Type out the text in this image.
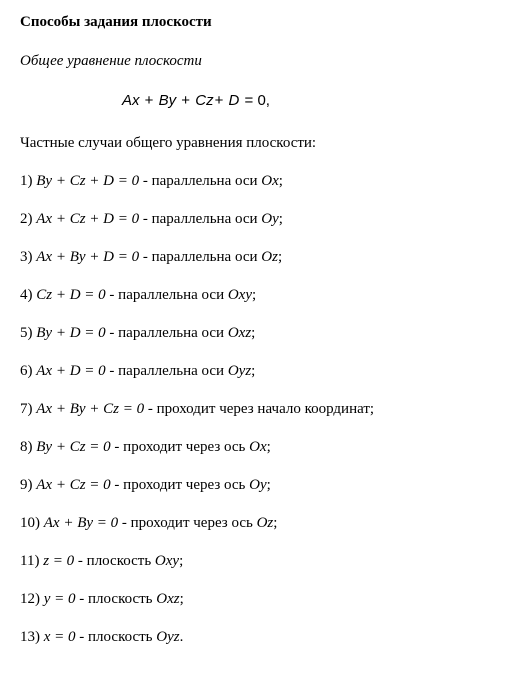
Способы задания плоскости
Общее уравнение плоскости
Ax + By + Cz+ D = 0,
Частные случаи общего уравнения плоскости:
1) By + Cz + D = 0 - параллельна оси Ox;
2) Ax + Cz + D = 0 - параллельна оси Oy;
3) Ax + By + D = 0 - параллельна оси Oz;
4) Cz + D = 0 - параллельна оси Oxy;
5) By + D = 0 - параллельна оси Oxz;
6) Ax + D = 0 - параллельна оси Oyz;
7) Ax + By + Cz = 0 - проходит через начало координат;
8) By + Cz = 0 - проходит через ось Ox;
9) Ax + Cz = 0 - проходит через ось Oy;
10) Ax + By = 0 - проходит через ось Oz;
11) z = 0 - плоскость Oxy;
12) y = 0 - плоскость Oxz;
13) x = 0 - плоскость Oyz.
